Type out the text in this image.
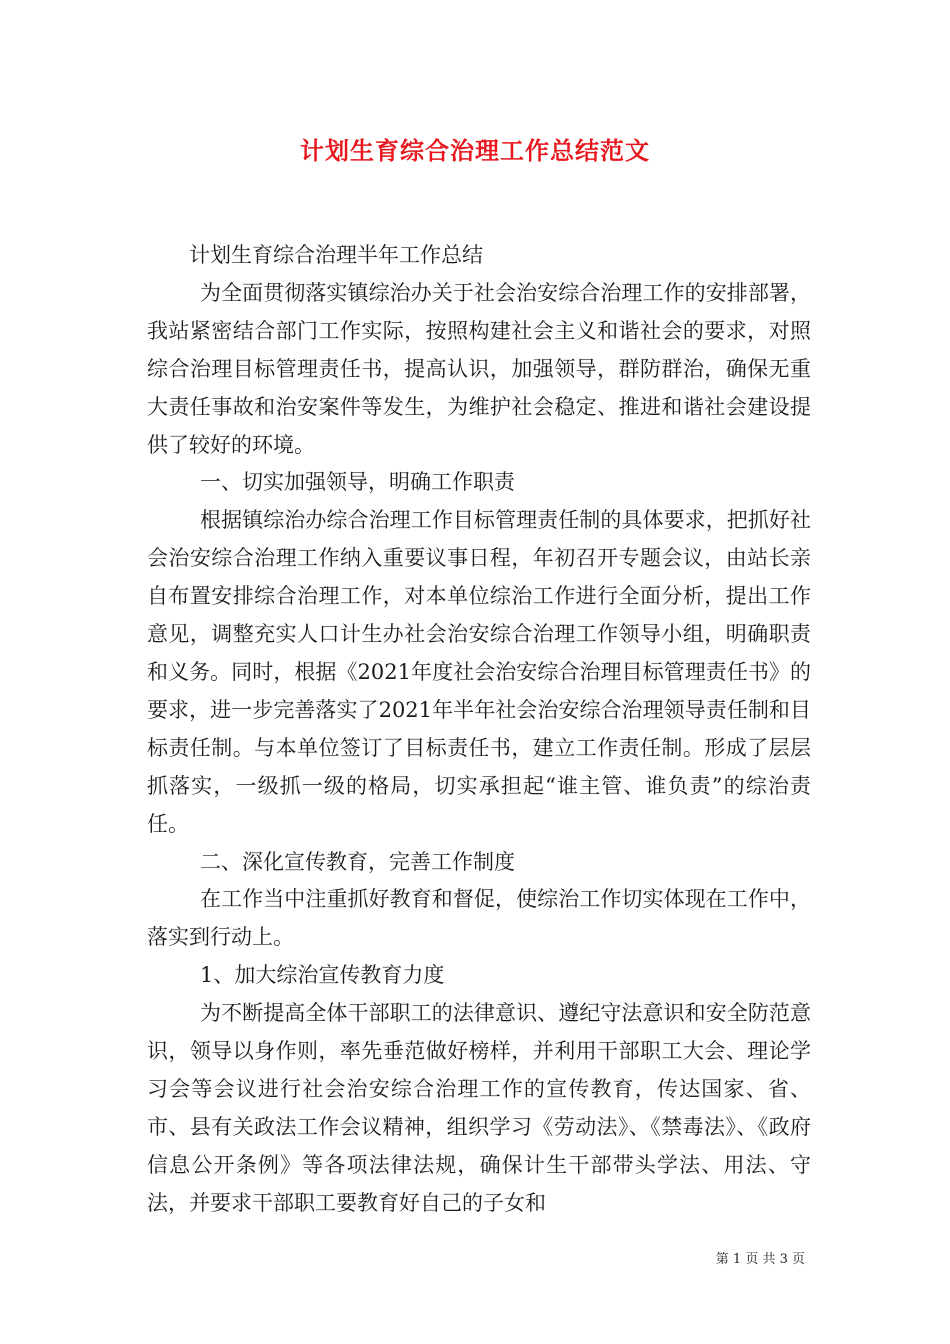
计划生育综合治理工作总结范文

计划生育综合治理半年工作总结

为全面贯彻落实镇综治办关于社会治安综合治理工作的安排部署，我站紧密结合部门工作实际，按照构建社会主义和谐社会的要求，对照综合治理目标管理责任书，提高认识，加强领导，群防群治，确保无重大责任事故和治安案件等发生，为维护社会稳定、推进和谐社会建设提供了较好的环境。

一、切实加强领导，明确工作职责

根据镇综治办综合治理工作目标管理责任制的具体要求，把抓好社会治安综合治理工作纳入重要议事日程，年初召开专题会议，由站长亲自布置安排综合治理工作，对本单位综治工作进行全面分析，提出工作意见，调整充实人口计生办社会治安综合治理工作领导小组，明确职责和义务。同时，根据《2021年度社会治安综合治理目标管理责任书》的要求，进一步完善落实了2021年半年社会治安综合治理领导责任制和目标责任制。与本单位签订了目标责任书，建立工作责任制。形成了层层抓落实，一级抓一级的格局，切实承担起“谁主管、谁负责”的综治责任。

二、深化宣传教育，完善工作制度

在工作当中注重抓好教育和督促，使综治工作切实体现在工作中，落实到行动上。

1、加大综治宣传教育力度

为不断提高全体干部职工的法律意识、遵纪守法意识和安全防范意识，领导以身作则，率先垂范做好榜样，并利用干部职工大会、理论学习会等会议进行社会治安综合治理工作的宣传教育，传达国家、省、市、县有关政法工作会议精神，组织学习《劳动法》、《禁毒法》、《政府信息公开条例》等各项法律法规，确保计生干部带头学法、用法、守法，并要求干部职工要教育好自己的子女和

第 1 页 共 3 页
